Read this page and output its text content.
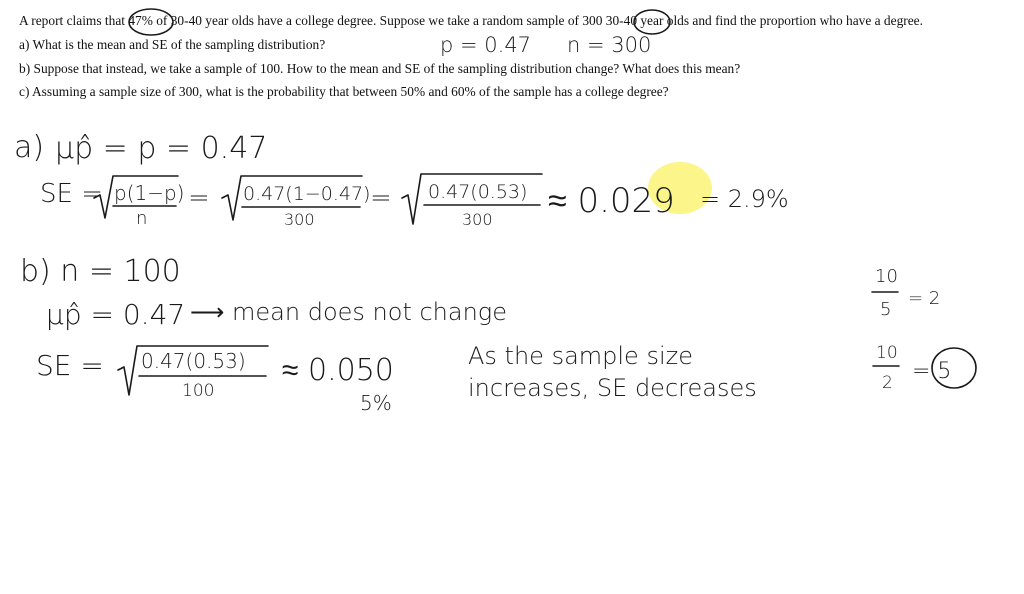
A report claims that 47% of 30-40 year olds have a college degree. Suppose we take a random sample of 300 30-40 year olds and find the proportion who have a degree.
a) What is the mean and SE of the sampling distribution?
b) Suppose that instead, we take a sample of 100. How to the mean and SE of the sampling distribution change? What does this mean?
c) Assuming a sample size of 300, what is the probability that between 50% and 60% of the sample has a college degree?
p = 0.47 n = 300
a) μp̂ = p = 0.47
SE = p(1−p)
n
= 0.47(1−0.47)
300
= 0.47(0.53)
300 ≈ 0.029 = 2.9%
b) n = 100
μp̂ = 0.47 ⟶ mean does not change
SE = 0.47(0.53)
100
≈ 0.050
5%
As the sample size
increases, SE decreases
10
5
= 2
10
2 = 5
